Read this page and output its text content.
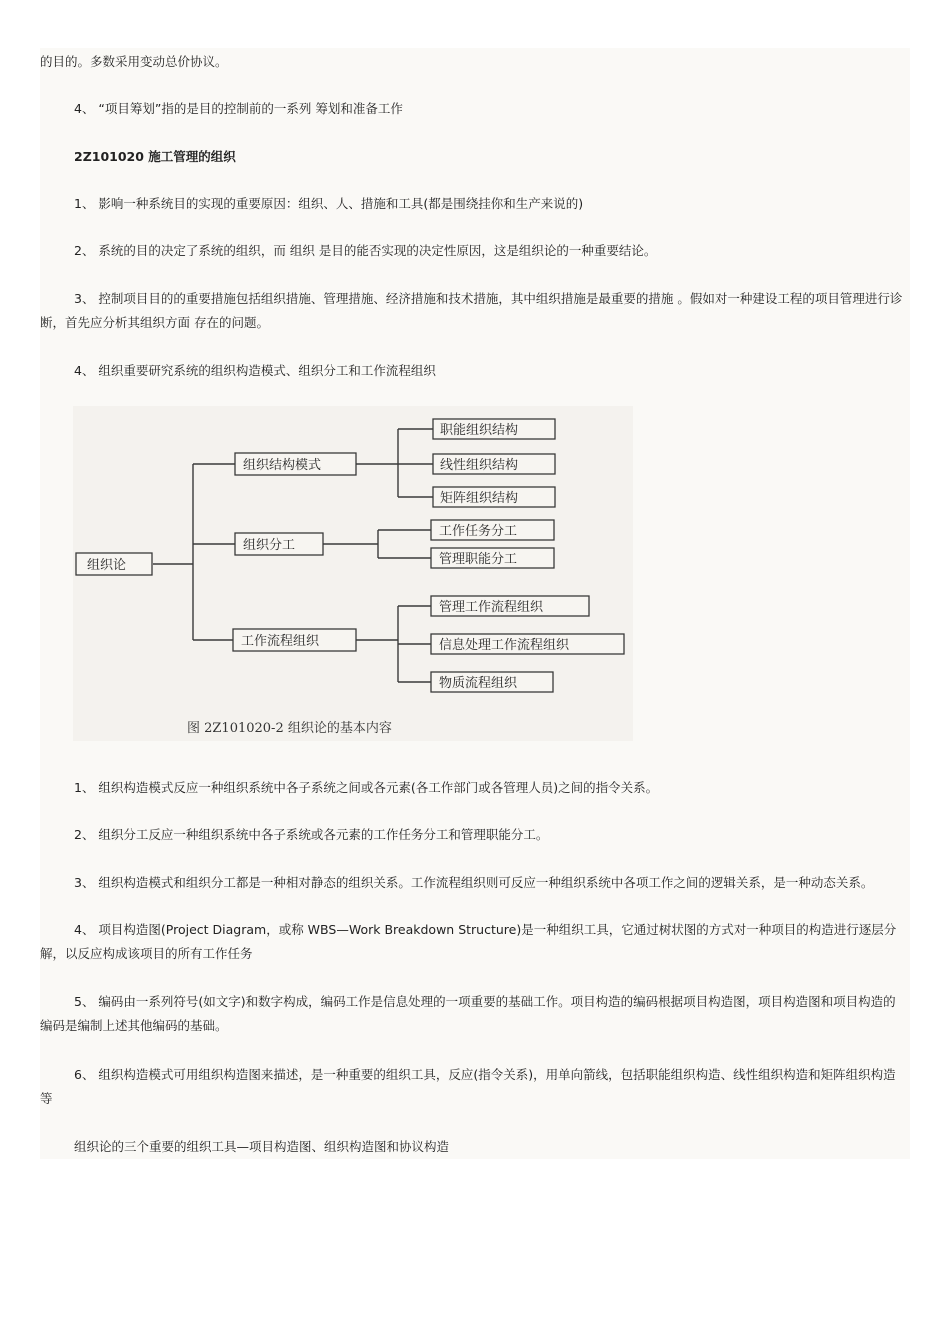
的目的。多数采用变动总价协议。
4、 “项目筹划”指的是目的控制前的一系列 筹划和准备工作
2Z101020 施工管理的组织
1、 影响一种系统目的实现的重要原因：组织、人、措施和工具(都是围绕挂你和生产来说的)
2、 系统的目的决定了系统的组织，而 组织 是目的能否实现的决定性原因，这是组织论的一种重要结论。
3、 控制项目目的的重要措施包括组织措施、管理措施、经济措施和技术措施，其中组织措施是最重要的措施 。假如对一种建设工程的项目管理进行诊断，首先应分析其组织方面 存在的问题。
4、 组织重要研究系统的组织构造模式、组织分工和工作流程组织
组织论
组织结构模式
组织分工
工作流程组织
职能组织结构
线性组织结构
矩阵组织结构
工作任务分工
管理职能分工
管理工作流程组织
信息处理工作流程组织
物质流程组织
图 2Z101020-2 组织论的基本内容
1、 组织构造模式反应一种组织系统中各子系统之间或各元素(各工作部门或各管理人员)之间的指令关系。
2、 组织分工反应一种组织系统中各子系统或各元素的工作任务分工和管理职能分工。
3、 组织构造模式和组织分工都是一种相对静态的组织关系。工作流程组织则可反应一种组织系统中各项工作之间的逻辑关系，是一种动态关系。
4、 项目构造图(Project Diagram，或称 WBS—Work Breakdown Structure)是一种组织工具，它通过树状图的方式对一种项目的构造进行逐层分解，以反应构成该项目的所有工作任务
5、 编码由一系列符号(如文字)和数字构成，编码工作是信息处理的一项重要的基础工作。项目构造的编码根据项目构造图，项目构造图和项目构造的编码是编制上述其他编码的基础。
6、 组织构造模式可用组织构造图来描述，是一种重要的组织工具，反应(指令关系)，用单向箭线，包括职能组织构造、线性组织构造和矩阵组织构造等
组织论的三个重要的组织工具—项目构造图、组织构造图和协议构造
